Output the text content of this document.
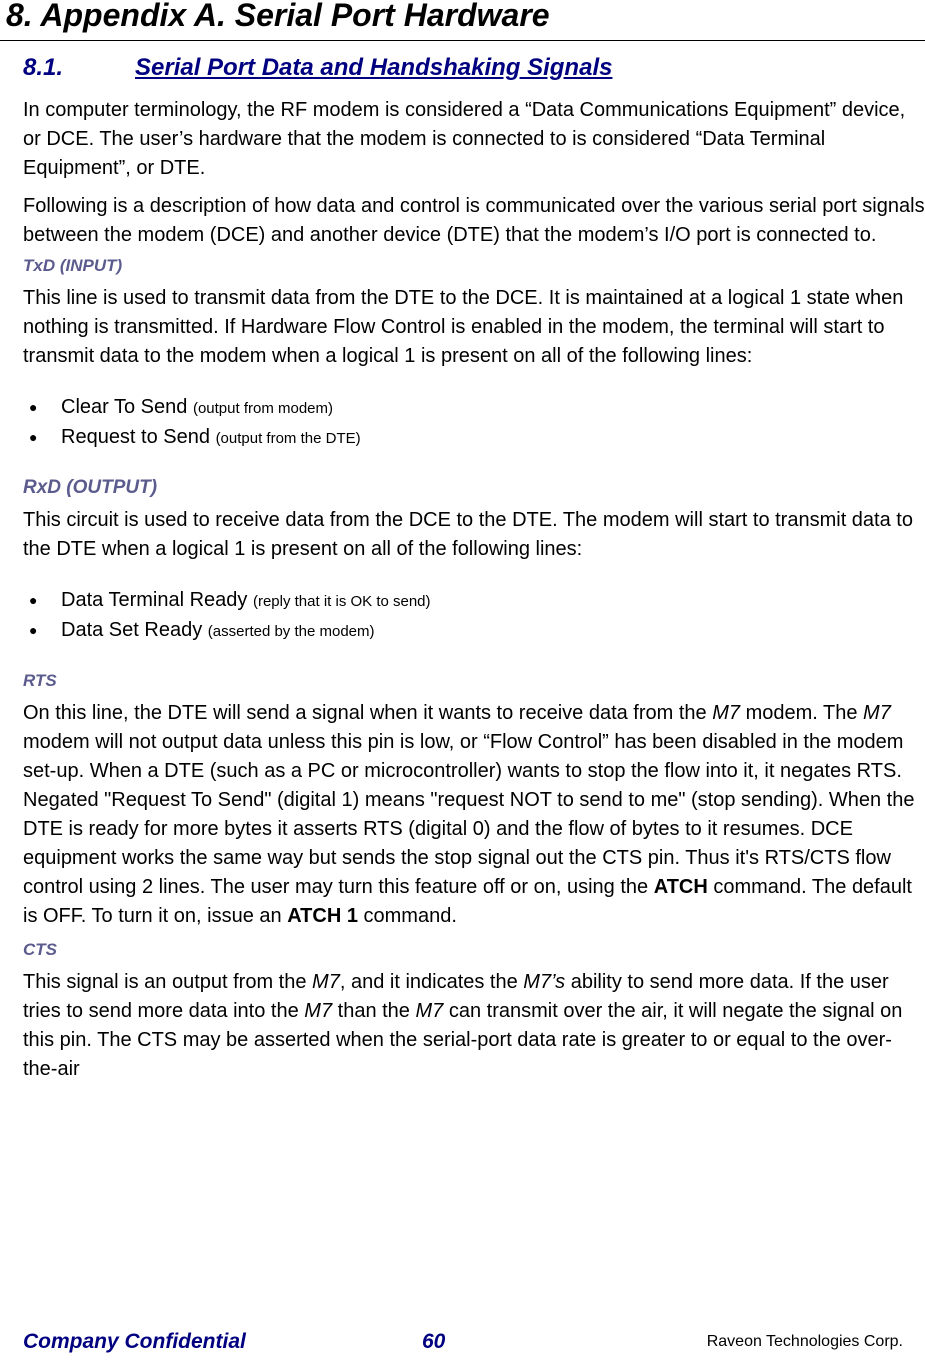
8. Appendix A. Serial Port Hardware
8.1.	Serial Port Data and Handshaking Signals

In computer terminology, the RF modem is considered a “Data Communications Equipment” device, or DCE. The user’s hardware that the modem is connected to is considered “Data Terminal Equipment”, or DTE.

Following is a description of how data and control is communicated over the various serial port signals between the modem (DCE) and another device (DTE) that the modem’s I/O port is connected to.

TxD (INPUT)

This line is used to transmit data from the DTE to the DCE. It is maintained at a logical 1 state when nothing is transmitted. If Hardware Flow Control is enabled in the modem, the terminal will start to transmit data to the modem when a logical 1 is present on all of the following lines:

● Clear To Send (output from modem)
● Request to Send (output from the DTE)

RxD (OUTPUT)

This circuit is used to receive data from the DCE to the DTE. The modem will start to transmit data to the DTE when a logical 1 is present on all of the following lines:

● Data Terminal Ready (reply that it is OK to send)
● Data Set Ready (asserted by the modem)

RTS

On this line, the DTE will send a signal when it wants to receive data from the M7 modem. The M7 modem will not output data unless this pin is low, or “Flow Control” has been disabled in the modem set-up. When a DTE (such as a PC or microcontroller) wants to stop the flow into it, it negates RTS. Negated "Request To Send" (digital 1) means "request NOT to send to me" (stop sending). When the DTE is ready for more bytes it asserts RTS (digital 0) and the flow of bytes to it resumes. DCE equipment works the same way but sends the stop signal out the CTS pin. Thus it's RTS/CTS flow control using 2 lines. The user may turn this feature off or on, using the ATCH command. The default is OFF. To turn it on, issue an ATCH 1 command.

CTS

This signal is an output from the M7, and it indicates the M7’s ability to send more data. If the user tries to send more data into the M7 than the M7 can transmit over the air, it will negate the signal on this pin. The CTS may be asserted when the serial-port data rate is greater to or equal to the over-the-air

Company Confidential	60	Raveon Technologies Corp.
